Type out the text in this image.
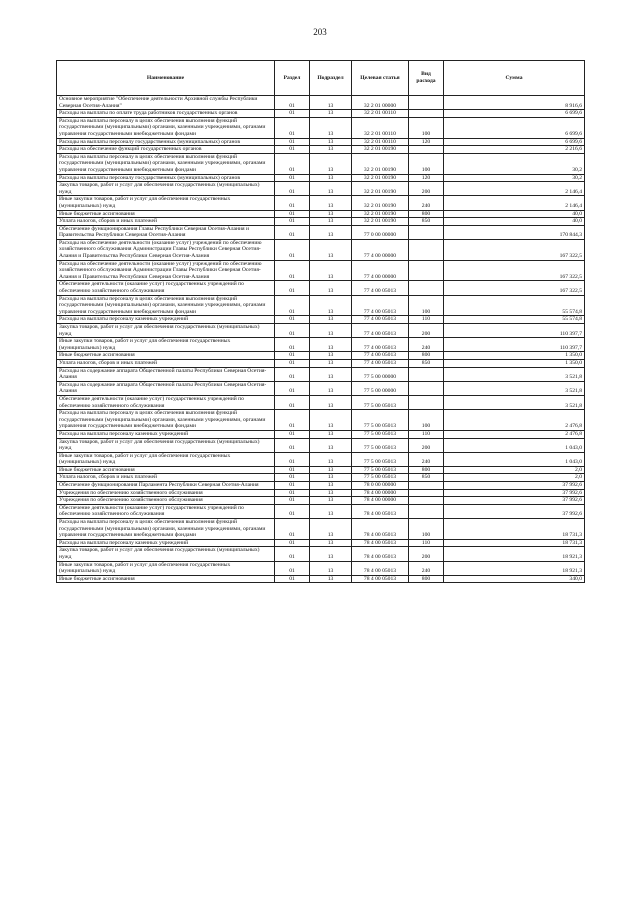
203
Наименование	Раздел	Подраздел	Целевая статья	Вид расхода	Сумма
Основное мероприятие "Обеспечение деятельности Архивной службы Республики Северная Осетия-Алания"	01	13	32 2 01 00000		8 916,6
Расходы на выплаты по оплате труда работников государственных органов	01	13	32 2 01 00110		6 699,6
Расходы на выплаты персоналу в целях обеспечения выполнения функций государственными (муниципальными) органами, казенными учреждениями, органами управления государственными внебюджетными фондами	01	13	32 2 01 00110	100	6 699,6
Расходы на выплаты персоналу государственных (муниципальных) органов	01	13	32 2 01 00110	120	6 699,6
Расходы на обеспечение функций государственных органов	01	13	32 2 01 00190		2 216,6
Расходы на выплаты персоналу в целях обеспечения выполнения функций государственными (муниципальными) органами, казенными учреждениями, органами управления государственными внебюджетными фондами	01	13	32 2 01 00190	100	30,2
Расходы на выплаты персоналу государственных (муниципальных) органов	01	13	32 2 01 00190	120	30,2
Закупка товаров, работ и услуг для обеспечения государственных (муниципальных) нужд	01	13	32 2 01 00190	200	2 146,4
Иные закупки товаров, работ и услуг для обеспечения государственных (муниципальных) нужд	01	13	32 2 01 00190	240	2 146,4
Иные бюджетные ассигнования	01	13	32 2 01 00190	800	40,0
Уплата налогов, сборов и иных платежей	01	13	32 2 01 00190	850	40,0
Обеспечение функционирования Главы Республики Северная Осетия-Алания и Правительства Республики Северная Осетия-Алания	01	13	77 0 00 00000		170 844,3
Расходы на обеспечение деятельности (оказание услуг) учреждений по обеспечению хозяйственного обслуживания Администрации Главы Республики Северная Осетия-Алания и Правительства Республики Северная Осетия-Алания	01	13	77 4 00 00000		167 322,5
Расходы на обеспечение деятельности (оказание услуг) учреждений по обеспечению хозяйственного обслуживания Администрации Главы Республики Северная Осетия-Алания и Правительства Республики Северная Осетия-Алания	01	13	77 4 00 00000		167 322,5
Обеспечение деятельности (оказание услуг) государственных учреждений по обеспечению хозяйственного обслуживания	01	13	77 4 00 05013		167 322,5
Расходы на выплаты персоналу в целях обеспечения выполнения функций государственными (муниципальными) органами, казенными учреждениями, органами управления государственными внебюджетными фондами	01	13	77 4 00 05013	100	55 574,8
Расходы на выплаты персоналу казенных учреждений	01	13	77 4 00 05013	110	55 574,8
Закупка товаров, работ и услуг для обеспечения государственных (муниципальных) нужд	01	13	77 4 00 05013	200	110 397,7
Иные закупки товаров, работ и услуг для обеспечения государственных (муниципальных) нужд	01	13	77 4 00 05013	240	110 397,7
Иные бюджетные ассигнования	01	13	77 4 00 05013	800	1 350,0
Уплата налогов, сборов и иных платежей	01	13	77 4 00 05013	850	1 350,0
Расходы на содержание аппарата Общественной палаты Республики Северная Осетия-Алания	01	13	77 5 00 00000		3 521,8
Расходы на содержание аппарата Общественной палаты Республики Северная Осетия-Алания	01	13	77 5 00 00000		3 521,8
Обеспечение деятельности (оказание услуг) государственных учреждений по обеспечению хозяйственного обслуживания	01	13	77 5 00 05013		3 521,8
Расходы на выплаты персоналу в целях обеспечения выполнения функций государственными (муниципальными) органами, казенными учреждениями, органами управления государственными внебюджетными фондами	01	13	77 5 00 05013	100	2 476,8
Расходы на выплаты персоналу казенных учреждений	01	13	77 5 00 05013	110	2 476,8
Закупка товаров, работ и услуг для обеспечения государственных (муниципальных) нужд	01	13	77 5 00 05013	200	1 043,0
Иные закупки товаров, работ и услуг для обеспечения государственных (муниципальных) нужд	01	13	77 5 00 05013	240	1 043,0
Иные бюджетные ассигнования	01	13	77 5 00 05013	800	2,0
Уплата налогов, сборов и иных платежей	01	13	77 5 00 05013	850	2,0
Обеспечение функционирования Парламента Республики Северная Осетия-Алания	01	13	78 0 00 00000		37 992,6
Учреждения по обеспечению хозяйственного обслуживания	01	13	78 4 00 00000		37 992,6
Учреждения по обеспечению хозяйственного обслуживания	01	13	78 4 00 00000		37 992,6
Обеспечение деятельности (оказание услуг) государственных учреждений по обеспечению хозяйственного обслуживания	01	13	78 4 00 05013		37 992,6
Расходы на выплаты персоналу в целях обеспечения выполнения функций государственными (муниципальными) органами, казенными учреждениями, органами управления государственными внебюджетными фондами	01	13	78 4 00 05013	100	18 731,3
Расходы на выплаты персоналу казенных учреждений	01	13	78 4 00 05013	110	18 731,3
Закупка товаров, работ и услуг для обеспечения государственных (муниципальных) нужд	01	13	78 4 00 05013	200	18 921,3
Иные закупки товаров, работ и услуг для обеспечения государственных (муниципальных) нужд	01	13	78 4 00 05013	240	18 921,3
Иные бюджетные ассигнования	01	13	78 4 00 05013	800	340,0
